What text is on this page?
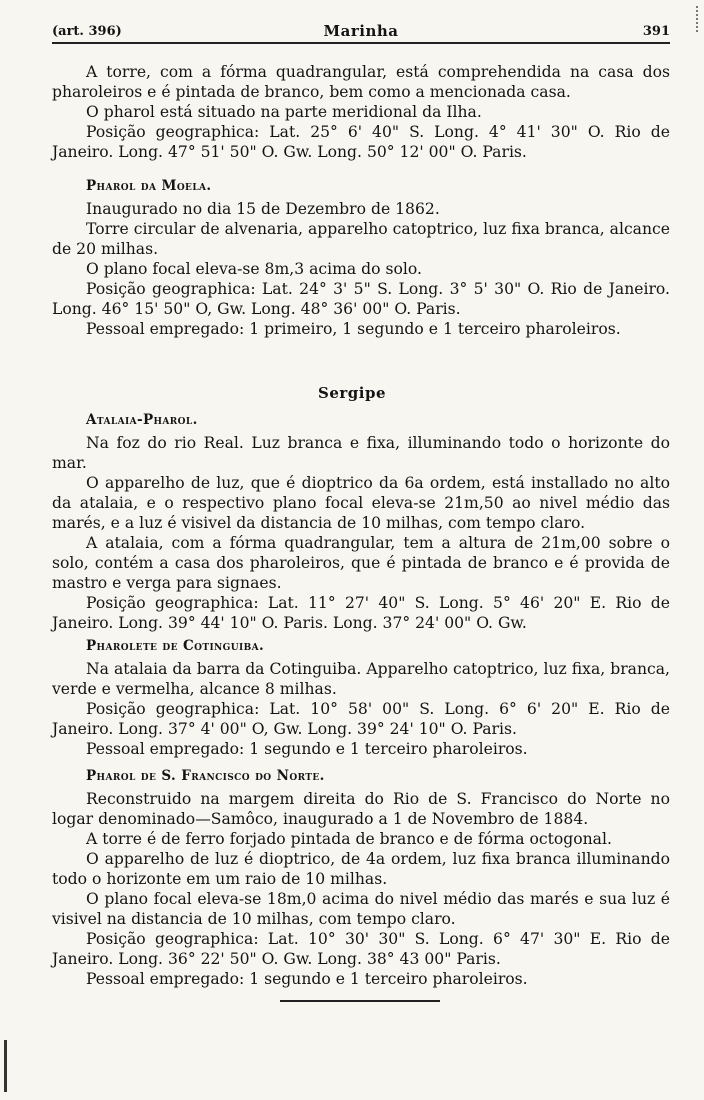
(art. 396)	Marinha	391

A torre, com a fórma quadrangular, está comprehendida na casa dos pharoleiros e é pintada de branco, bem como a mencionada casa.

O pharol está situado na parte meridional da Ilha.

Posição geographica: Lat. 25° 6' 40" S. Long. 4° 41' 30" O. Rio de Janeiro. Long. 47° 51' 50" O. Gw. Long. 50° 12' 00" O. Paris.

Pharol da Moela.

Inaugurado no dia 15 de Dezembro de 1862.

Torre circular de alvenaria, apparelho catoptrico, luz fixa branca, alcance de 20 milhas.

O plano focal eleva-se 8m,3 acima do solo.

Posição geographica: Lat. 24° 3' 5" S. Long. 3° 5' 30" O. Rio de Janeiro. Long. 46° 15' 50" O, Gw. Long. 48° 36' 00" O. Paris.

Pessoal empregado: 1 primeiro, 1 segundo e 1 terceiro pharoleiros.

Sergipe
Atalaia-Pharol.

Na foz do rio Real. Luz branca e fixa, illuminando todo o horizonte do mar.

O apparelho de luz, que é dioptrico da 6a ordem, está installado no alto da atalaia, e o respectivo plano focal eleva-se 21m,50 ao nivel médio das marés, e a luz é visivel da distancia de 10 milhas, com tempo claro.

A atalaia, com a fórma quadrangular, tem a altura de 21m,00 sobre o solo, contém a casa dos pharoleiros, que é pintada de branco e é provida de mastro e verga para signaes.

Posição geographica: Lat. 11° 27' 40" S. Long. 5° 46' 20" E. Rio de Janeiro. Long. 39° 44' 10" O. Paris. Long. 37° 24' 00" O. Gw.

Pharolete de Cotinguiba.

Na atalaia da barra da Cotinguiba. Apparelho catoptrico, luz fixa, branca, verde e vermelha, alcance 8 milhas.

Posição geographica: Lat. 10° 58' 00" S. Long. 6° 6' 20" E. Rio de Janeiro. Long. 37° 4' 00" O, Gw. Long. 39° 24' 10" O. Paris.

Pessoal empregado: 1 segundo e 1 terceiro pharoleiros.

Pharol de S. Francisco do Norte.

Reconstruido na margem direita do Rio de S. Francisco do Norte no logar denominado—Samôco, inaugurado a 1 de Novembro de 1884.

A torre é de ferro forjado pintada de branco e de fórma octogonal.

O apparelho de luz é dioptrico, de 4a ordem, luz fixa branca illuminando todo o horizonte em um raio de 10 milhas.

O plano focal eleva-se 18m,0 acima do nivel médio das marés e sua luz é visivel na distancia de 10 milhas, com tempo claro.

Posição geographica: Lat. 10° 30' 30" S. Long. 6° 47' 30" E. Rio de Janeiro. Long. 36° 22' 50" O. Gw. Long. 38° 43 00" Paris.

Pessoal empregado: 1 segundo e 1 terceiro pharoleiros.
